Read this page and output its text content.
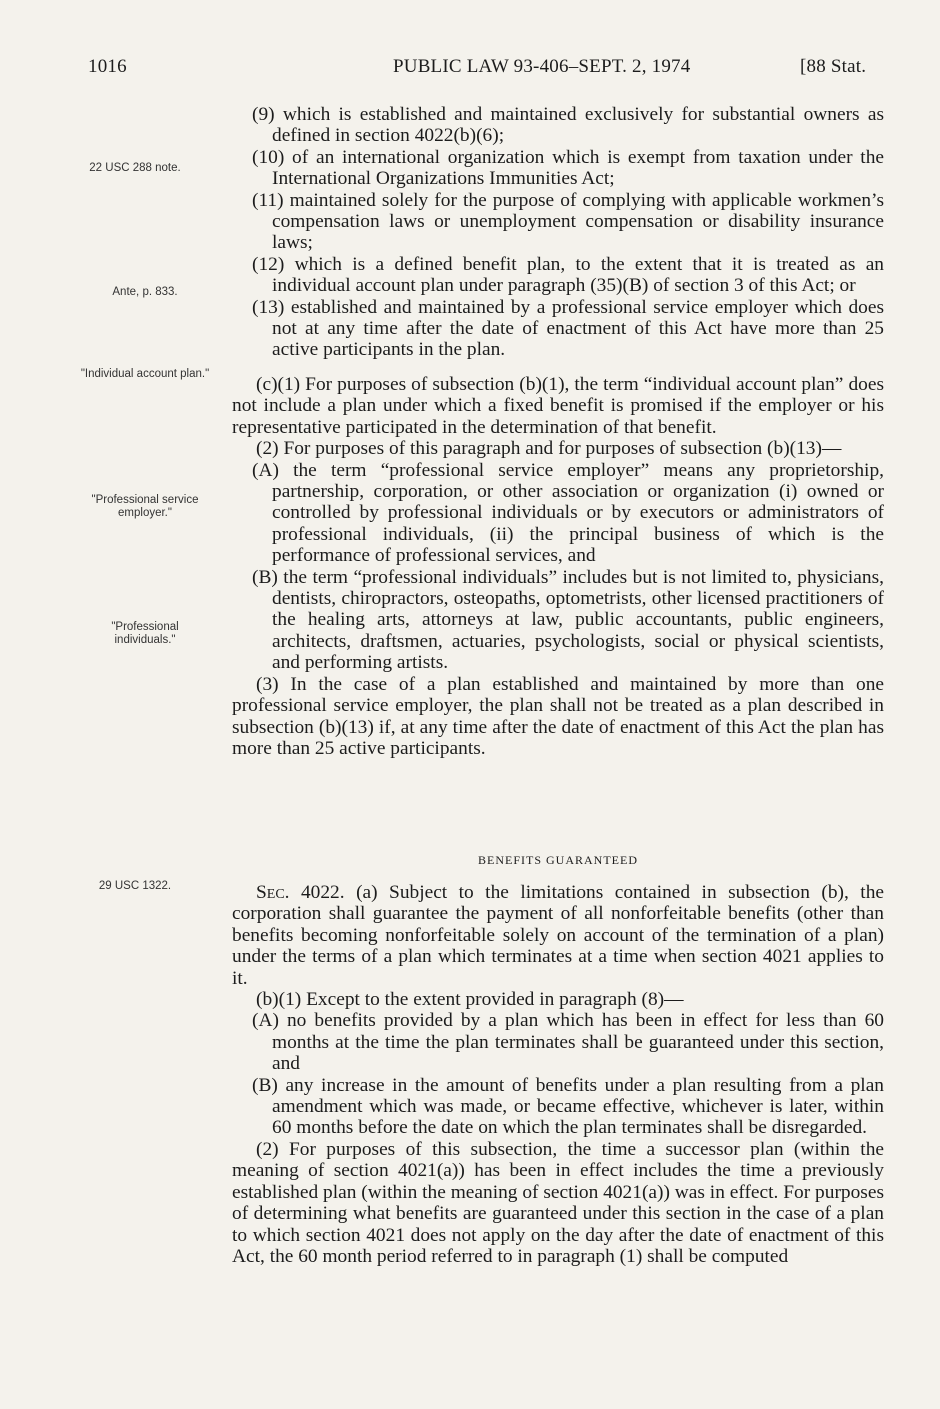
1016	PUBLIC LAW 93-406–SEPT. 2, 1974	[88 Stat.
22 USC 288 note.
Ante, p. 833.
"Individual account plan."
"Professional service employer."
"Professional individuals."
29 USC 1322.

(9) which is established and maintained exclusively for substantial owners as defined in section 4022(b)(6);

(10) of an international organization which is exempt from taxation under the International Organizations Immunities Act;

(11) maintained solely for the purpose of complying with applicable workmen’s compensation laws or unemployment compensation or disability insurance laws;

(12) which is a defined benefit plan, to the extent that it is treated as an individual account plan under paragraph (35)(B) of section 3 of this Act; or

(13) established and maintained by a professional service employer which does not at any time after the date of enactment of this Act have more than 25 active participants in the plan.

(c)(1) For purposes of subsection (b)(1), the term “individual account plan” does not include a plan under which a fixed benefit is promised if the employer or his representative participated in the determination of that benefit.

(2) For purposes of this paragraph and for purposes of subsection (b)(13)—

(A) the term “professional service employer” means any proprietorship, partnership, corporation, or other association or organization (i) owned or controlled by professional individuals or by executors or administrators of professional individuals, (ii) the principal business of which is the performance of professional services, and

(B) the term “professional individuals” includes but is not limited to, physicians, dentists, chiropractors, osteopaths, optometrists, other licensed practitioners of the healing arts, attorneys at law, public accountants, public engineers, architects, draftsmen, actuaries, psychologists, social or physical scientists, and performing artists.

(3) In the case of a plan established and maintained by more than one professional service employer, the plan shall not be treated as a plan described in subsection (b)(13) if, at any time after the date of enactment of this Act the plan has more than 25 active participants.

BENEFITS GUARANTEED

Sec. 4022. (a) Subject to the limitations contained in subsection (b), the corporation shall guarantee the payment of all nonforfeitable benefits (other than benefits becoming nonforfeitable solely on account of the termination of a plan) under the terms of a plan which terminates at a time when section 4021 applies to it.

(b)(1) Except to the extent provided in paragraph (8)—

(A) no benefits provided by a plan which has been in effect for less than 60 months at the time the plan terminates shall be guaranteed under this section, and

(B) any increase in the amount of benefits under a plan resulting from a plan amendment which was made, or became effective, whichever is later, within 60 months before the date on which the plan terminates shall be disregarded.

(2) For purposes of this subsection, the time a successor plan (within the meaning of section 4021(a)) has been in effect includes the time a previously established plan (within the meaning of section 4021(a)) was in effect. For purposes of determining what benefits are guaranteed under this section in the case of a plan to which section 4021 does not apply on the day after the date of enactment of this Act, the 60 month period referred to in paragraph (1) shall be computed
